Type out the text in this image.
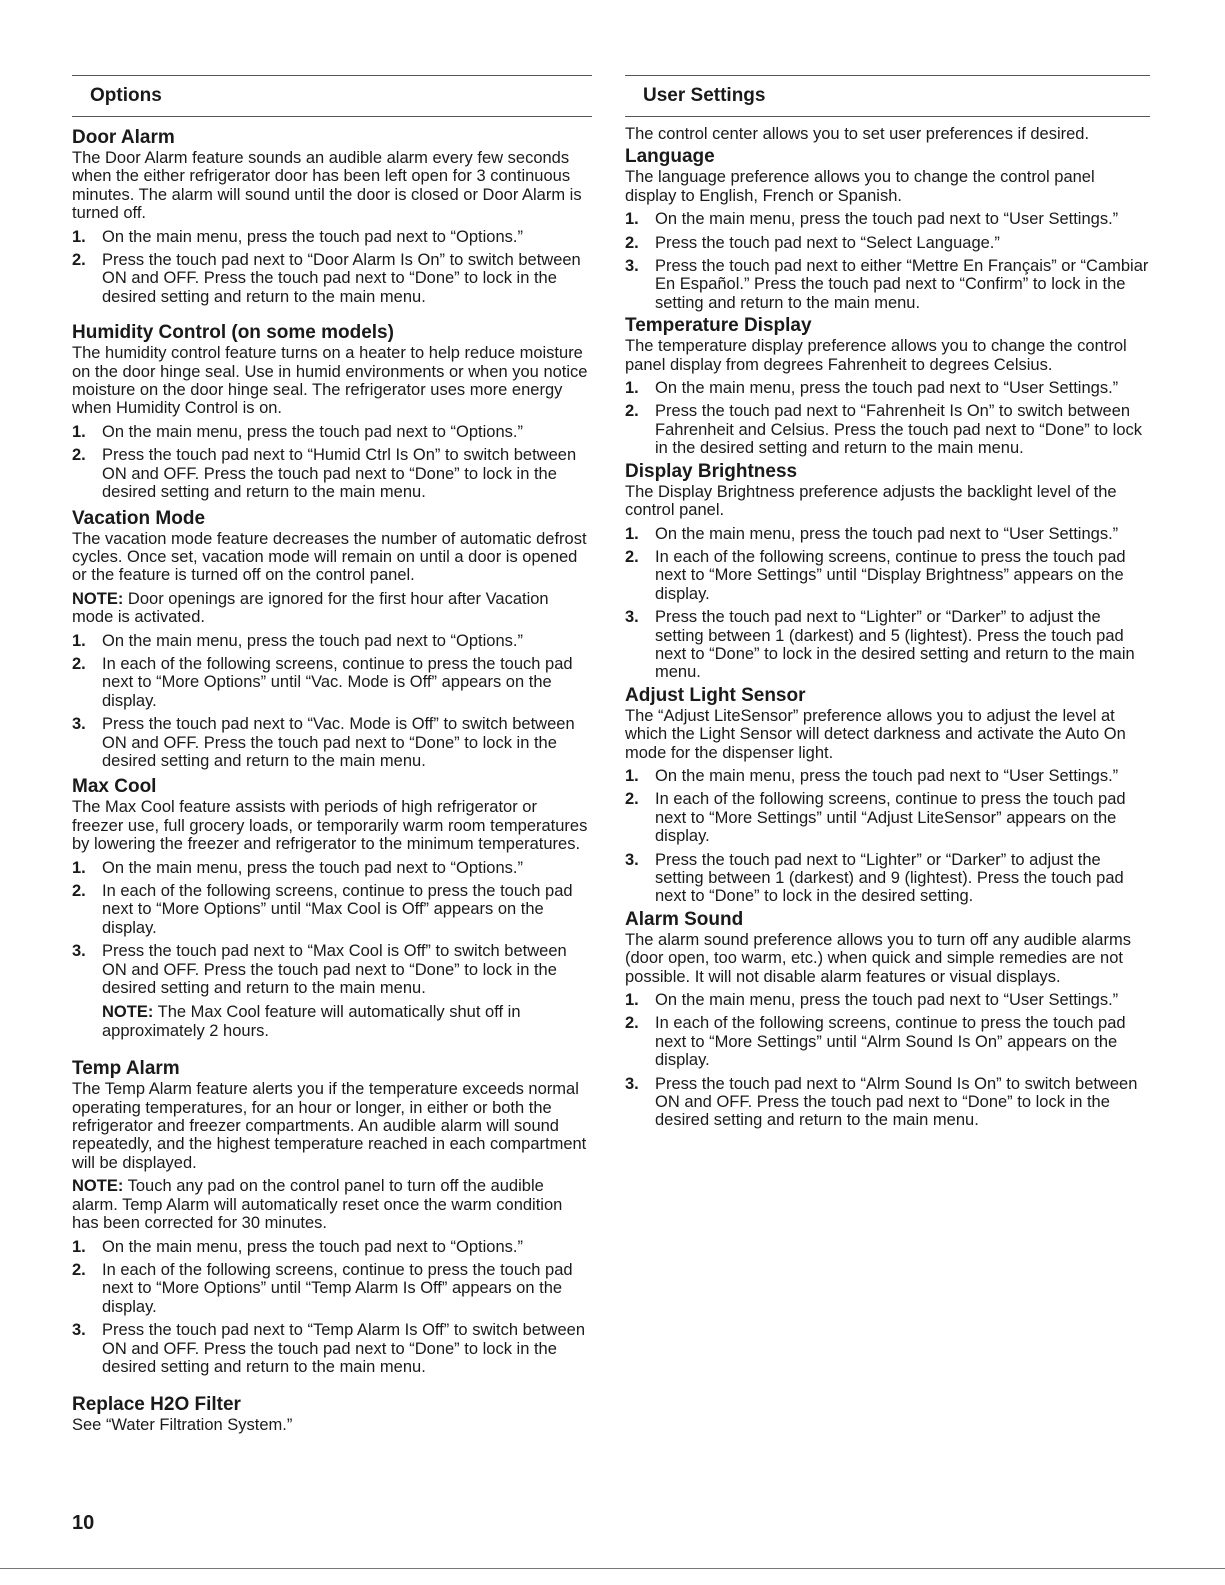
Options
Door Alarm
The Door Alarm feature sounds an audible alarm every few seconds when the either refrigerator door has been left open for 3 continuous minutes. The alarm will sound until the door is closed or Door Alarm is turned off.
1. On the main menu, press the touch pad next to “Options.”
2. Press the touch pad next to “Door Alarm Is On” to switch between ON and OFF. Press the touch pad next to “Done” to lock in the desired setting and return to the main menu.
Humidity Control (on some models)
The humidity control feature turns on a heater to help reduce moisture on the door hinge seal. Use in humid environments or when you notice moisture on the door hinge seal. The refrigerator uses more energy when Humidity Control is on.
1. On the main menu, press the touch pad next to “Options.”
2. Press the touch pad next to “Humid Ctrl Is On” to switch between ON and OFF. Press the touch pad next to “Done” to lock in the desired setting and return to the main menu.
Vacation Mode
The vacation mode feature decreases the number of automatic defrost cycles. Once set, vacation mode will remain on until a door is opened or the feature is turned off on the control panel.
NOTE: Door openings are ignored for the first hour after Vacation mode is activated.
1. On the main menu, press the touch pad next to “Options.”
2. In each of the following screens, continue to press the touch pad next to “More Options” until “Vac. Mode is Off” appears on the display.
3. Press the touch pad next to “Vac. Mode is Off” to switch between ON and OFF. Press the touch pad next to “Done” to lock in the desired setting and return to the main menu.
Max Cool
The Max Cool feature assists with periods of high refrigerator or freezer use, full grocery loads, or temporarily warm room temperatures by lowering the freezer and refrigerator to the minimum temperatures.
1. On the main menu, press the touch pad next to “Options.”
2. In each of the following screens, continue to press the touch pad next to “More Options” until “Max Cool is Off” appears on the display.
3. Press the touch pad next to “Max Cool is Off” to switch between ON and OFF. Press the touch pad next to “Done” to lock in the desired setting and return to the main menu.
NOTE: The Max Cool feature will automatically shut off in approximately 2 hours.
Temp Alarm
The Temp Alarm feature alerts you if the temperature exceeds normal operating temperatures, for an hour or longer, in either or both the refrigerator and freezer compartments. An audible alarm will sound repeatedly, and the highest temperature reached in each compartment will be displayed.
NOTE: Touch any pad on the control panel to turn off the audible alarm. Temp Alarm will automatically reset once the warm condition has been corrected for 30 minutes.
1. On the main menu, press the touch pad next to “Options.”
2. In each of the following screens, continue to press the touch pad next to “More Options” until “Temp Alarm Is Off” appears on the display.
3. Press the touch pad next to “Temp Alarm Is Off” to switch between ON and OFF. Press the touch pad next to “Done” to lock in the desired setting and return to the main menu.
Replace H2O Filter
See “Water Filtration System.”
User Settings
The control center allows you to set user preferences if desired.
Language
The language preference allows you to change the control panel display to English, French or Spanish.
1. On the main menu, press the touch pad next to “User Settings.”
2. Press the touch pad next to “Select Language.”
3. Press the touch pad next to either “Mettre En Français” or “Cambiar En Español.” Press the touch pad next to “Confirm” to lock in the setting and return to the main menu.
Temperature Display
The temperature display preference allows you to change the control panel display from degrees Fahrenheit to degrees Celsius.
1. On the main menu, press the touch pad next to “User Settings.”
2. Press the touch pad next to “Fahrenheit Is On” to switch between Fahrenheit and Celsius. Press the touch pad next to “Done” to lock in the desired setting and return to the main menu.
Display Brightness
The Display Brightness preference adjusts the backlight level of the control panel.
1. On the main menu, press the touch pad next to “User Settings.”
2. In each of the following screens, continue to press the touch pad next to “More Settings” until “Display Brightness” appears on the display.
3. Press the touch pad next to “Lighter” or “Darker” to adjust the setting between 1 (darkest) and 5 (lightest). Press the touch pad next to “Done” to lock in the desired setting and return to the main menu.
Adjust Light Sensor
The “Adjust LiteSensor” preference allows you to adjust the level at which the Light Sensor will detect darkness and activate the Auto On mode for the dispenser light.
1. On the main menu, press the touch pad next to “User Settings.”
2. In each of the following screens, continue to press the touch pad next to “More Settings” until “Adjust LiteSensor” appears on the display.
3. Press the touch pad next to “Lighter” or “Darker” to adjust the setting between 1 (darkest) and 9 (lightest). Press the touch pad next to “Done” to lock in the desired setting.
Alarm Sound
The alarm sound preference allows you to turn off any audible alarms (door open, too warm, etc.) when quick and simple remedies are not possible. It will not disable alarm features or visual displays.
1. On the main menu, press the touch pad next to “User Settings.”
2. In each of the following screens, continue to press the touch pad next to “More Settings” until “Alrm Sound Is On” appears on the display.
3. Press the touch pad next to “Alrm Sound Is On” to switch between ON and OFF. Press the touch pad next to “Done” to lock in the desired setting and return to the main menu.
10
